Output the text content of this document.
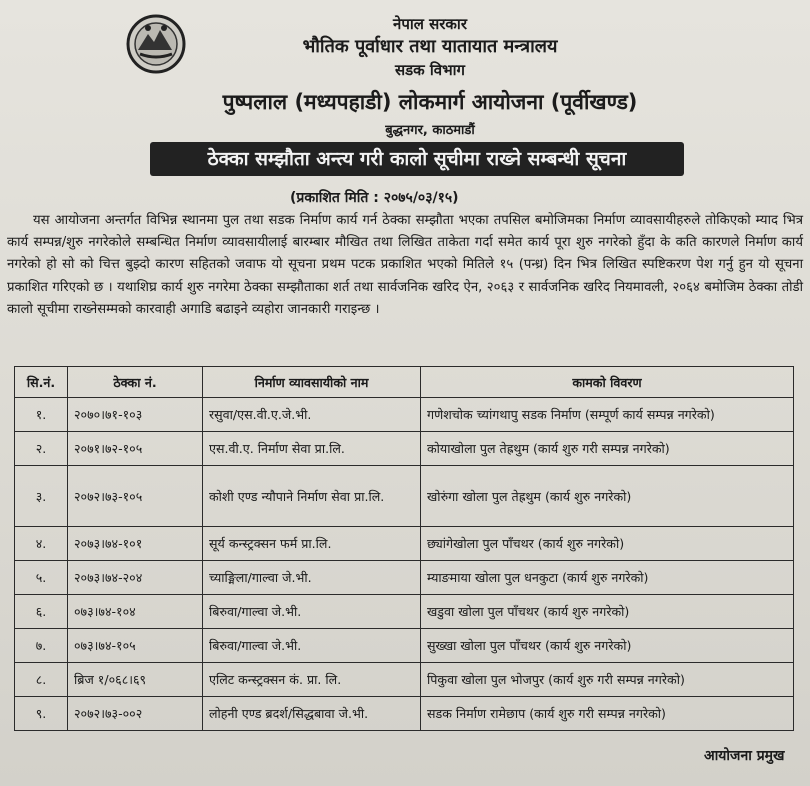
नेपाल सरकार
भौतिक पूर्वाधार तथा यातायात मन्त्रालय
सडक विभाग
पुष्पलाल (मध्यपहाडी) लोकमार्ग आयोजना (पूर्वीखण्ड)
बुद्धनगर, काठमाडौं
ठेक्का सम्झौता अन्त्य गरी कालो सूचीमा राख्ने सम्बन्धी सूचना
(प्रकाशित मिति : २०७५/०३/१५)
यस आयोजना अन्तर्गत विभिन्न स्थानमा पुल तथा सडक निर्माण कार्य गर्न ठेक्का सम्झौता भएका तपसिल बमोजिमका निर्माण व्यावसायीहरुले तोकिएको म्याद भित्र कार्य सम्पन्न/शुरु नगरेकोले सम्बन्धित निर्माण व्यावसायीलाई बारम्बार मौखित तथा लिखित ताकेता गर्दा समेत कार्य पूरा शुरु नगरेको हुँदा के कति कारणले निर्माण कार्य नगरेको हो सो को चित्त बुझ्दो कारण सहितको जवाफ यो सूचना प्रथम पटक प्रकाशित भएको मितिले १५ (पन्ध्र) दिन भित्र लिखित स्पष्टिकरण पेश गर्नु हुन यो सूचना प्रकाशित गरिएको छ । यथाशिघ्र कार्य शुरु नगरेमा ठेक्का सम्झौताका शर्त तथा सार्वजनिक खरिद ऐन, २०६३ र सार्वजनिक खरिद नियमावली, २०६४ बमोजिम ठेक्का तोडी कालो सूचीमा राख्नेसम्मको कारवाही अगाडि बढाइने व्यहोरा जानकारी गराइन्छ ।
सि.नं.	ठेक्का नं.	निर्माण व्यावसायीको नाम	कामको विवरण
१.	२०७०।७१-१०३	रसुवा/एस.वी.ए.जे.भी.	गणेशचोक च्यांगथापु सडक निर्माण (सम्पूर्ण कार्य सम्पन्न नगरेको)
२.	२०७१।७२-१०५	एस.वी.ए. निर्माण सेवा प्रा.लि.	कोयाखोला पुल तेह्रथुम (कार्य शुरु गरी सम्पन्न नगरेको)
३.	२०७२।७३-१०५	कोशी एण्ड न्यौपाने निर्माण सेवा प्रा.लि.	खोरुंगा खोला पुल तेह्रथुम (कार्य शुरु नगरेको)
४.	२०७३।७४-१०१	सूर्य कन्स्ट्रक्सन फर्म प्रा.लि.	छ्यांगेखोला पुल पाँचथर (कार्य शुरु नगरेको)
५.	२०७३।७४-२०४	च्याङ्मिला/गाल्वा जे.भी.	म्याङमाया खोला पुल धनकुटा (कार्य शुरु नगरेको)
६.	०७३।७४-१०४	बिरुवा/गाल्वा जे.भी.	खडुवा खोला पुल पाँचथर (कार्य शुरु नगरेको)
७.	०७३।७४-१०५	बिरुवा/गाल्वा जे.भी.	सुख्खा खोला पुल पाँचथर (कार्य शुरु नगरेको)
८.	ब्रिज १/०६८।६९	एलिट कन्स्ट्रक्सन कं. प्रा. लि.	पिकुवा खोला पुल भोजपुर (कार्य शुरु गरी सम्पन्न नगरेको)
९.	२०७२।७३-००२	लोहनी एण्ड ब्रदर्श/सिद्धबावा जे.भी.	सडक निर्माण रामेछाप (कार्य शुरु गरी सम्पन्न नगरेको)
आयोजना प्रमुख
